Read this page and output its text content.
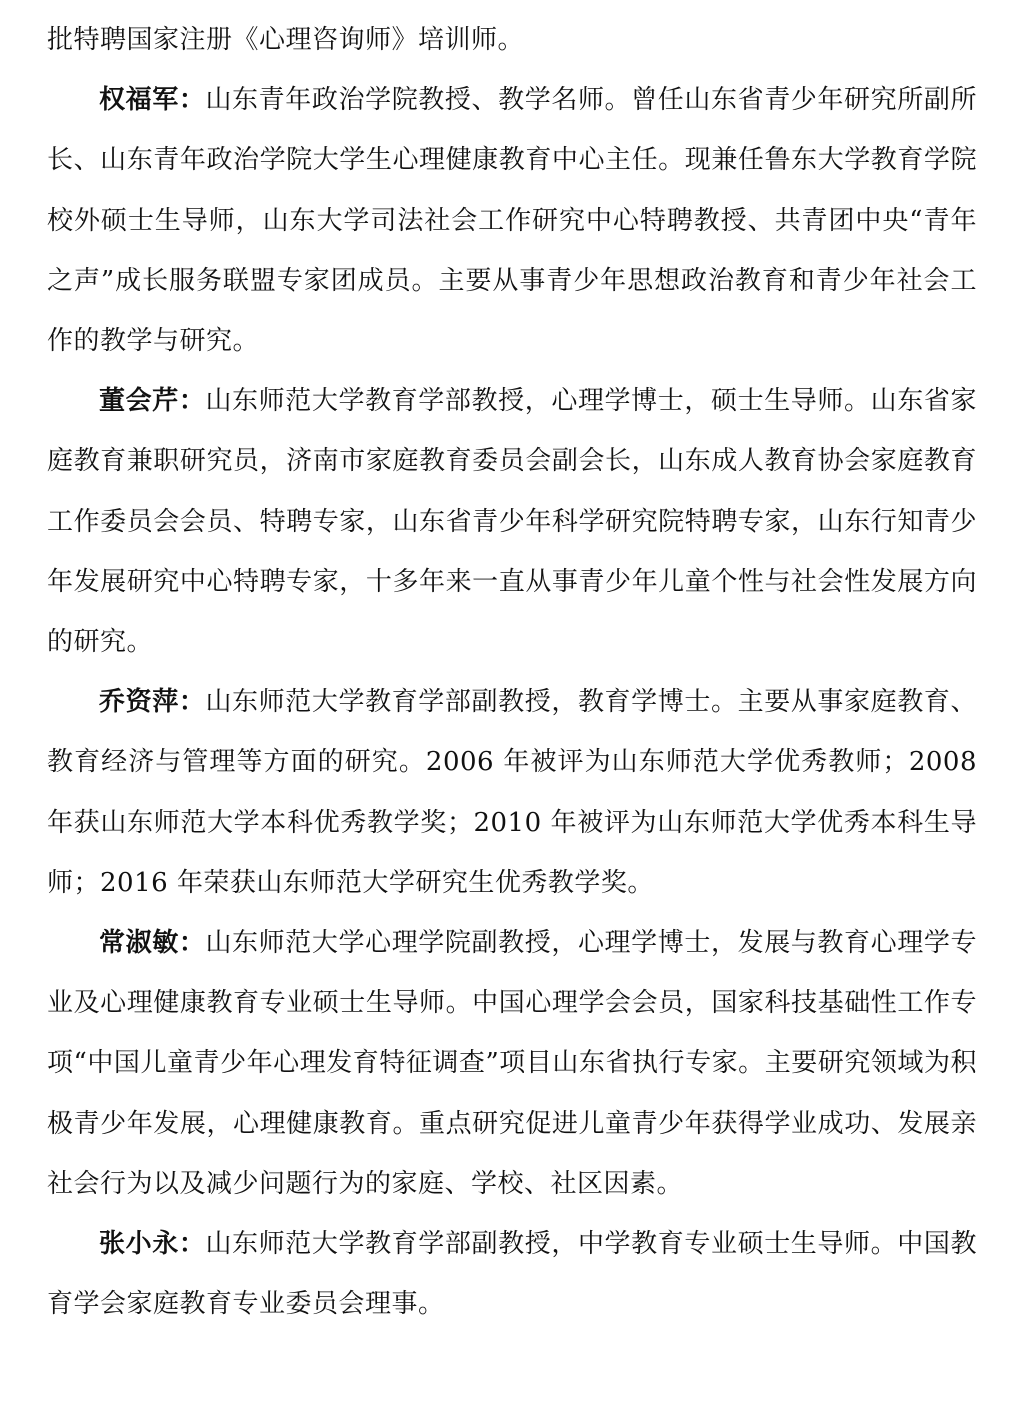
批特聘国家注册《心理咨询师》培训师。

权福军：山东青年政治学院教授、教学名师。曾任山东省青少年研究所副所长、山东青年政治学院大学生心理健康教育中心主任。现兼任鲁东大学教育学院校外硕士生导师，山东大学司法社会工作研究中心特聘教授、共青团中央“青年之声”成长服务联盟专家团成员。主要从事青少年思想政治教育和青少年社会工作的教学与研究。

董会芹：山东师范大学教育学部教授，心理学博士，硕士生导师。山东省家庭教育兼职研究员，济南市家庭教育委员会副会长，山东成人教育协会家庭教育工作委员会会员、特聘专家，山东省青少年科学研究院特聘专家，山东行知青少年发展研究中心特聘专家，十多年来一直从事青少年儿童个性与社会性发展方向的研究。

乔资萍：山东师范大学教育学部副教授，教育学博士。主要从事家庭教育、教育经济与管理等方面的研究。2006 年被评为山东师范大学优秀教师；2008 年获山东师范大学本科优秀教学奖；2010 年被评为山东师范大学优秀本科生导师；2016 年荣获山东师范大学研究生优秀教学奖。

常淑敏：山东师范大学心理学院副教授，心理学博士，发展与教育心理学专业及心理健康教育专业硕士生导师。中国心理学会会员，国家科技基础性工作专项“中国儿童青少年心理发育特征调查”项目山东省执行专家。主要研究领域为积极青少年发展，心理健康教育。重点研究促进儿童青少年获得学业成功、发展亲社会行为以及减少问题行为的家庭、学校、社区因素。

张小永：山东师范大学教育学部副教授，中学教育专业硕士生导师。中国教育学会家庭教育专业委员会理事。
